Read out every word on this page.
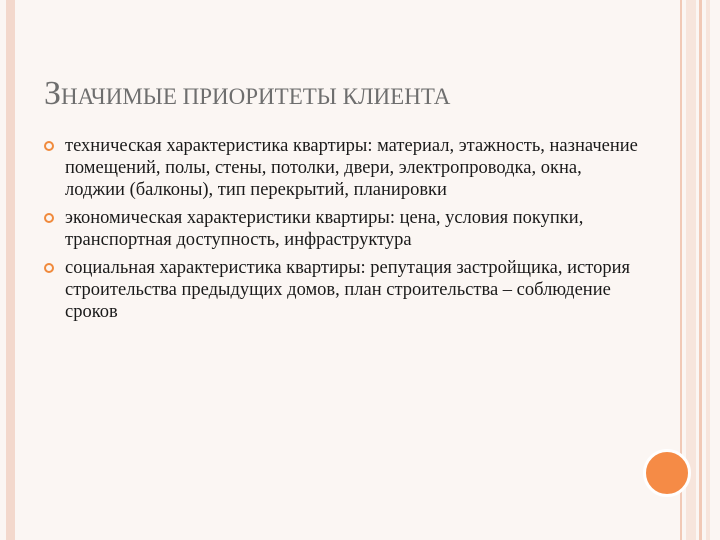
ЗНАЧИМЫЕ ПРИОРИТЕТЫ КЛИЕНТА
техническая характеристика квартиры: материал, этажность, назначение помещений, полы, стены, потолки, двери, электропроводка, окна, лоджии (балконы), тип перекрытий, планировки
экономическая характеристики квартиры: цена, условия покупки, транспортная доступность, инфраструктура
социальная характеристика квартиры: репутация застройщика, история строительства предыдущих домов, план строительства – соблюдение сроков
